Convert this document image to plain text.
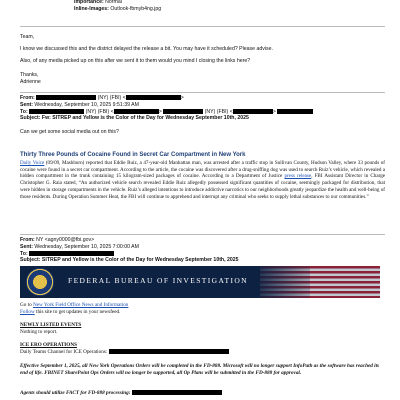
Importance: Normal
Inline-Images: Outlook-fbmyb4ng.jpg
Team,
I know we discussed this and the district delayed the release a bit. You may have it scheduled? Please advise.
Also, of any media picked up on this after we sent it to them would you mind I closing the links here?
Thanks,
Adrienne
From:	(NY) (FBI) <	>
Sent: Wednesday, September 10, 2025 9:51:39 AM
To:	(NY) (FBI) <	>	(NY) (FBI) <	>
Subject: Fw: SITREP and Yellow is the Color of the Day for Wednesday September 10th, 2025
Can we get some social media out on this?
Thirty Three Pounds of Cocaine Found in Secret Car Compartment in New York
Daily Voice (09/09, Mashburn) reported that Eddie Ruiz, a 47-year-old Manhattan man, was arrested after a traffic stop in Sullivan County, Hudson Valley, where 33 pounds of cocaine were found in a secret car compartment. According to the article, the cocaine was discovered after a drug-sniffing dog was used to search Ruiz’s vehicle, which revealed a hidden compartment in the trunk containing 15 kilogram-sized packages of cocaine. According to a Department of Justice press release, FBI Assistant Director in Charge Christopher G. Raia stated, “An authorized vehicle search revealed Eddie Ruiz allegedly possessed significant quantities of cocaine, seemingly packaged for distribution, that were hidden in storage compartments in the vehicle. Ruiz’s alleged intentions to introduce addictive narcotics to our neighborhoods greatly jeopardize the health and well-being of those residents. During Operation Summer Heat, the FBI will continue to apprehend and interrupt any criminal who seeks to supply lethal substances to our communities.”
From: NY <agny0000@fbi.gov>
Sent: Wednesday, September 10, 2025 7:00:00 AM
To:
Subject: SITREP and Yellow is the Color of the Day for Wednesday September 10th, 2025
FEDERAL BUREAU OF INVESTIGATION
Go to New York Field Office News and Information
Follow this site to get updates in your newsfeed.
NEWLY LISTED EVENTS
Nothing to report.
ICE ERO OPERATIONS
Daily Teams Channel for ICE Operations:
Effective September 1, 2025, all New York Operations Orders will be completed in the FD-888. Microsoft will no longer support InfoPath as the software has reached its end of life. FBINET SharePoint Ops Orders will no longer be supported, all Op Plans will be submitted in the FD-888 for approval.
Agents should utilize FACT for FD-888 processing:
